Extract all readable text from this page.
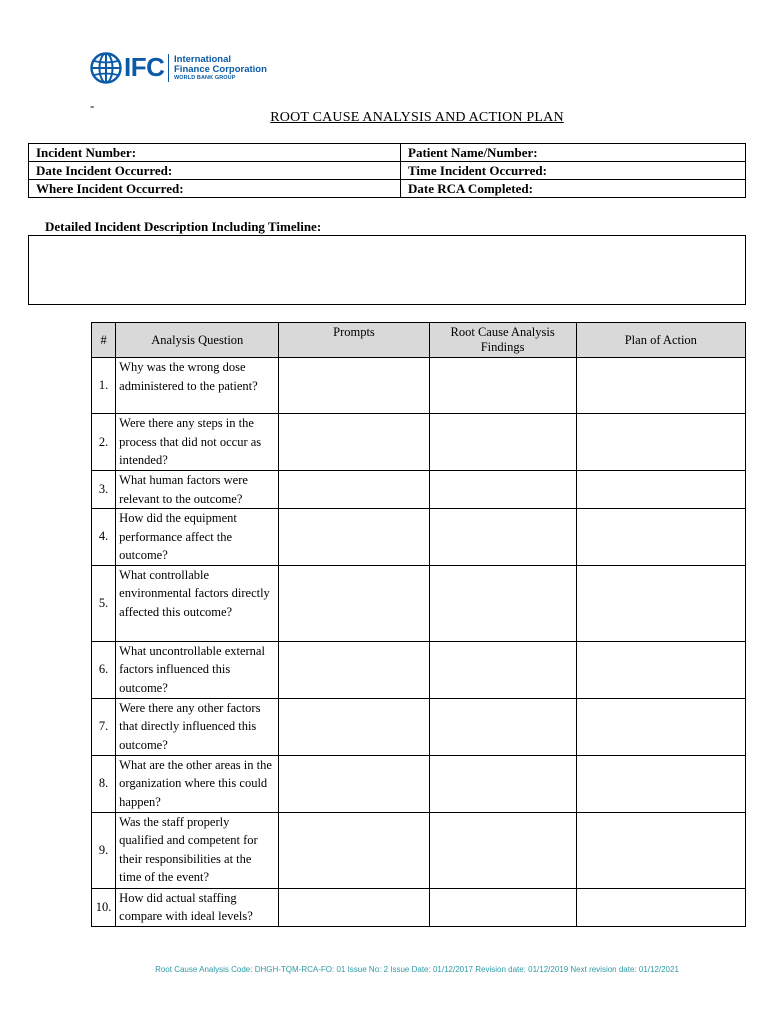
IFC International
Finance Corporation
WORLD BANK GROUP
-
ROOT CAUSE ANALYSIS AND ACTION PLAN
Incident Number:	Patient Name/Number:
Date Incident Occurred:	Time Incident Occurred:
Where Incident Occurred:	Date RCA Completed:
Detailed Incident Description Including Timeline:
#	Analysis Question	Prompts	Root Cause Analysis Findings	Plan of Action
1.	Why was the wrong dose administered to the patient?			
2.	Were there any steps in the process that did not occur as intended?			
3.	What human factors were relevant to the outcome?			
4.	How did the equipment performance affect the outcome?			
5.	What controllable environmental factors directly affected this outcome?			
6.	What uncontrollable external factors influenced this outcome?			
7.	Were there any other factors that directly influenced this outcome?			
8.	What are the other areas in the organization where this could happen?			
9.	Was the staff properly qualified and competent for their responsibilities at the time of the event?			
10.	How did actual staffing compare with ideal levels?			
Root Cause Analysis Code: DHGH-TQM-RCA-FO: 01 Issue No: 2 Issue Date: 01/12/2017 Revision date: 01/12/2019 Next revision date: 01/12/2021
